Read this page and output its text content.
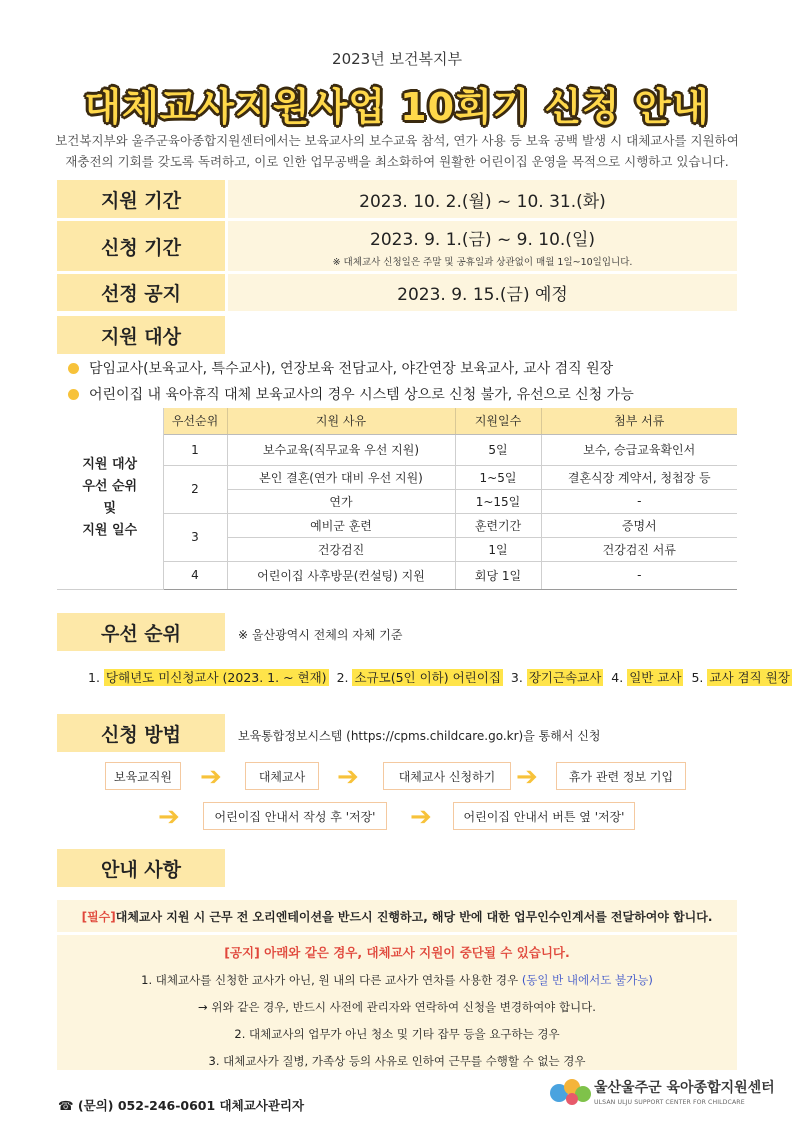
2023년 보건복지부
대체교사지원사업 10회기 신청 안내
보건복지부와 울주군육아종합지원센터에서는 보육교사의 보수교육 참석, 연가 사용 등 보육 공백 발생 시 대체교사를 지원하여
재충전의 기회를 갖도록 독려하고, 이로 인한 업무공백을 최소화하여 원활한 어린이집 운영을 목적으로 시행하고 있습니다.
지원 기간	2023. 10. 2.(월) ~ 10. 31.(화)
신청 기간	2023. 9. 1.(금) ~ 9. 10.(일)
※ 대체교사 신청일은 주말 및 공휴일과 상관없이 매월 1일~10일입니다.
선정 공지	2023. 9. 15.(금) 예정
지원 대상
담임교사(보육교사, 특수교사), 연장보육 전담교사, 야간연장 보육교사, 교사 겸직 원장
어린이집 내 육아휴직 대체 보육교사의 경우 시스템 상으로 신청 불가, 유선으로 신청 가능
지원 대상
우선 순위
및
지원 일수	우선순위	지원 사유	지원일수	첨부 서류
	1	보수교육(직무교육 우선 지원)	5일	보수, 승급교육확인서
	2	본인 결혼(연가 대비 우선 지원)	1~5일	결혼식장 계약서, 청첩장 등
		연가	1~15일	-
	3	예비군 훈련	훈련기간	증명서
		건강검진	1일	건강검진 서류
	4	어린이집 사후방문(컨설팅) 지원	회당 1일	-
우선 순위	※ 울산광역시 전체의 자체 기준
1. 당해년도 미신청교사 (2023. 1. ~ 현재) 2. 소규모(5인 이하) 어린이집 3. 장기근속교사 4. 일반 교사 5. 교사 겸직 원장
신청 방법	보육통합정보시스템 (https://cpms.childcare.go.kr)을 통해서 신청
보육교직원	➔	대체교사	➔	대체교사 신청하기 ➔	휴가 관련 정보 기입
➔	어린이집 안내서 작성 후 '저장'	➔	어린이집 안내서 버튼 옆 '저장'
안내 사항
[필수] 대체교사 지원 시 근무 전 오리엔테이션을 반드시 진행하고, 해당 반에 대한 업무인수인계서를 전달하여야 합니다.
[공지] 아래와 같은 경우, 대체교사 지원이 중단될 수 있습니다.

1. 대체교사를 신청한 교사가 아닌, 원 내의 다른 교사가 연차를 사용한 경우 (동일 반 내에서도 불가능)

→ 위와 같은 경우, 반드시 사전에 관리자와 연락하여 신청을 변경하여야 합니다.

2. 대체교사의 업무가 아닌 청소 및 기타 잡무 등을 요구하는 경우

3. 대체교사가 질병, 가족상 등의 사유로 인하여 근무를 수행할 수 없는 경우

☎ (문의) 052-246-0601 대체교사관리자
울산울주군 육아종합지원센터
ULSAN ULJU SUPPORT CENTER FOR CHILDCARE
